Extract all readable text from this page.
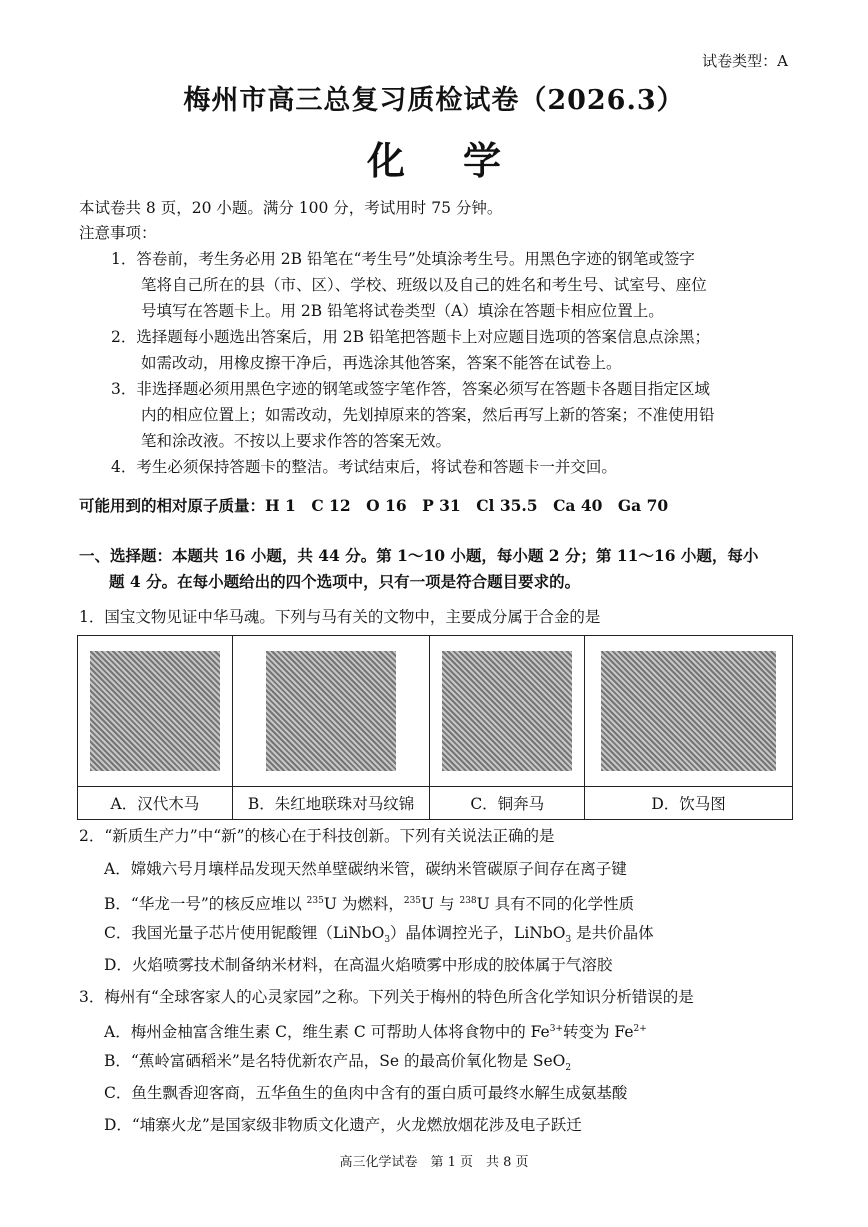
试卷类型：A
梅州市高三总复习质检试卷（2026.3）
化学
本试卷共 8 页，20 小题。满分 100 分，考试用时 75 分钟。
注意事项：
1．答卷前，考生务必用 2B 铅笔在“考生号”处填涂考生号。用黑色字迹的钢笔或签字
笔将自己所在的县（市、区）、学校、班级以及自己的姓名和考生号、试室号、座位
号填写在答题卡上。用 2B 铅笔将试卷类型（A）填涂在答题卡相应位置上。
2．选择题每小题选出答案后，用 2B 铅笔把答题卡上对应题目选项的答案信息点涂黑；
如需改动，用橡皮擦干净后，再选涂其他答案，答案不能答在试卷上。
3．非选择题必须用黑色字迹的钢笔或签字笔作答，答案必须写在答题卡各题目指定区域
内的相应位置上；如需改动，先划掉原来的答案，然后再写上新的答案；不准使用铅
笔和涂改液。不按以上要求作答的答案无效。
4．考生必须保持答题卡的整洁。考试结束后，将试卷和答题卡一并交回。
可能用到的相对原子质量：H 1　C 12　O 16　P 31　Cl 35.5　Ca 40　Ga 70
一、选择题：本题共 16 小题，共 44 分。第 1～10 小题，每小题 2 分；第 11～16 小题，每小
题 4 分。在每小题给出的四个选项中，只有一项是符合题目要求的。
1．国宝文物见证中华马魂。下列与马有关的文物中，主要成分属于合金的是

A．汉代木马	B．朱红地联珠对马纹锦	C．铜奔马	D．饮马图
2．“新质生产力”中“新”的核心在于科技创新。下列有关说法正确的是
A．嫦娥六号月壤样品发现天然单壁碳纳米管，碳纳米管碳原子间存在离子键
B．“华龙一号”的核反应堆以 $^{235}$U 为燃料，$^{235}$U 与 $^{238}$U 具有不同的化学性质
C．我国光量子芯片使用铌酸锂（LiNbO$_3$）晶体调控光子，LiNbO$_3$ 是共价晶体
D．火焰喷雾技术制备纳米材料，在高温火焰喷雾中形成的胶体属于气溶胶
3．梅州有“全球客家人的心灵家园”之称。下列关于梅州的特色所含化学知识分析错误的是
A．梅州金柚富含维生素 C，维生素 C 可帮助人体将食物中的 $Fe^{3+}$转变为 $Fe^{2+}$
B．“蕉岭富硒稻米”是名特优新农产品，Se 的最高价氧化物是 SeO$_2$
C．鱼生飘香迎客商，五华鱼生的鱼肉中含有的蛋白质可最终水解生成氨基酸
D．“埔寨火龙”是国家级非物质文化遗产，火龙燃放烟花涉及电子跃迁
高三化学试卷　第 1 页　共 8 页
